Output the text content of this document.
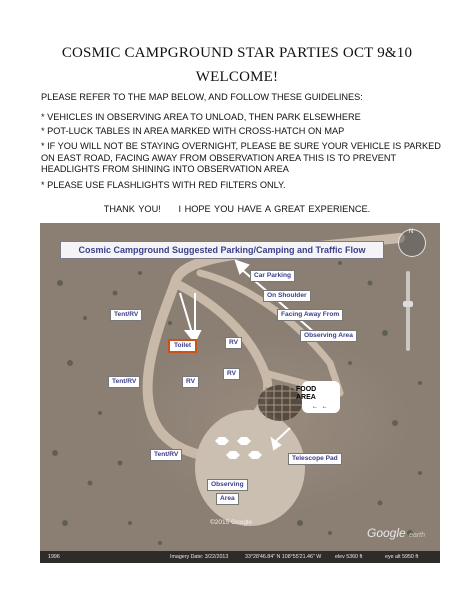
COSMIC CAMPGROUND STAR PARTIES OCT 9&10
WELCOME!
PLEASE REFER TO THE MAP BELOW, AND FOLLOW THESE GUIDELINES:
* VEHICLES IN OBSERVING AREA TO UNLOAD, THEN PARK ELSEWHERE
* POT-LUCK TABLES IN AREA MARKED WITH CROSS-HATCH ON MAP
* IF YOU WILL NOT BE STAYING OVERNIGHT, PLEASE BE SURE YOUR VEHICLE IS PARKED ON EAST ROAD, FACING AWAY FROM OBSERVATION AREA THIS IS TO PREVENT HEADLIGHTS FROM SHINING INTO OBSERVATION AREA
* PLEASE USE FLASHLIGHTS WITH RED FILTERS ONLY.
THANK YOU! I HOPE YOU HAVE A GREAT EXPERIENCE.
N
Cosmic Campground Suggested Parking/Camping and Traffic Flow
Car Parking
On Shoulder
Facing Away From
Observing Area
Tent/RV
Toilet	RV
RV
Tent/RV	RV
FOOD
AREA
← ←
Tent/RV
Telescope Pad
Observing
Area
©2015 Google
Google earth
1996	Imagery Date: 3/22/2013	33°28'46.84" N 108°55'21.46" W	elev 5360 ft	eye alt 5950 ft
